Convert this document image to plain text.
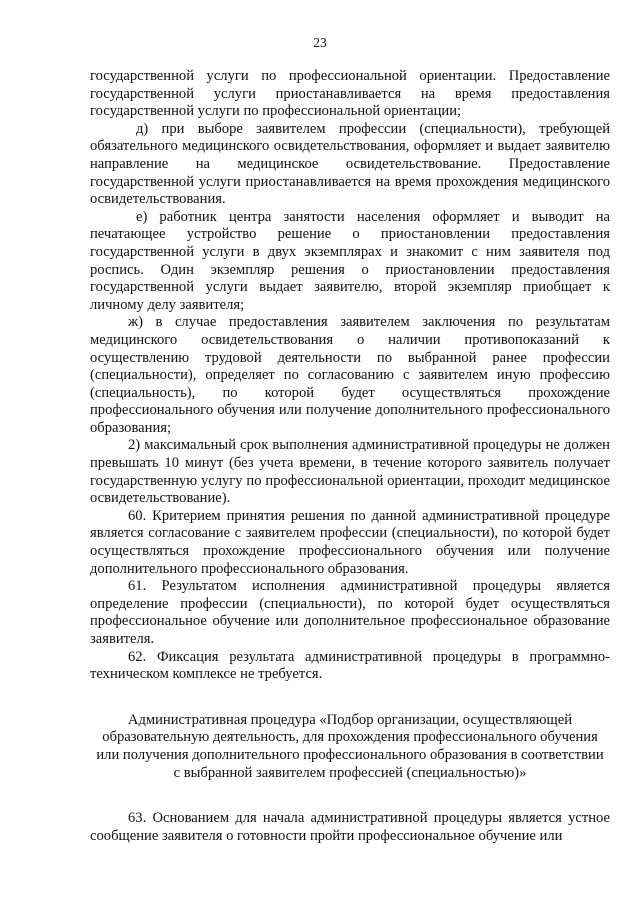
23

государственной услуги по профессиональной ориентации. Предоставление государственной услуги приостанавливается на время предоставления государственной услуги по профессиональной ориентации;

д) при выборе заявителем профессии (специальности), требующей обязательного медицинского освидетельствования, оформляет и выдает заявителю направление на медицинское освидетельствование. Предоставление государственной услуги приостанавливается на время прохождения медицинского освидетельствования.

е) работник центра занятости населения оформляет и выводит на печатающее устройство решение о приостановлении предоставления государственной услуги в двух экземплярах и знакомит с ним заявителя под роспись. Один экземпляр решения о приостановлении предоставления государственной услуги выдает заявителю, второй экземпляр приобщает к личному делу заявителя;

ж) в случае предоставления заявителем заключения по результатам медицинского освидетельствования о наличии противопоказаний к осуществлению трудовой деятельности по выбранной ранее профессии (специальности), определяет по согласованию с заявителем иную профессию (специальность), по которой будет осуществляться прохождение профессионального обучения или получение дополнительного профессионального образования;

2) максимальный срок выполнения административной процедуры не должен превышать 10 минут (без учета времени, в течение которого заявитель получает государственную услугу по профессиональной ориентации, проходит медицинское освидетельствование).

60. Критерием принятия решения по данной административной процедуре является согласование с заявителем профессии (специальности), по которой будет осуществляться прохождение профессионального обучения или получение дополнительного профессионального образования.

61. Результатом исполнения административной процедуры является определение профессии (специальности), по которой будет осуществляться профессиональное обучение или дополнительное профессиональное образование заявителя.

62. Фиксация результата административной процедуры в программно-техническом комплексе не требуется.

Административная процедура «Подбор организации, осуществляющей образовательную деятельность, для прохождения профессионального обучения или получения дополнительного профессионального образования в соответствии с выбранной заявителем профессией (специальностью)»

63. Основанием для начала административной процедуры является устное сообщение заявителя о готовности пройти профессиональное обучение или
